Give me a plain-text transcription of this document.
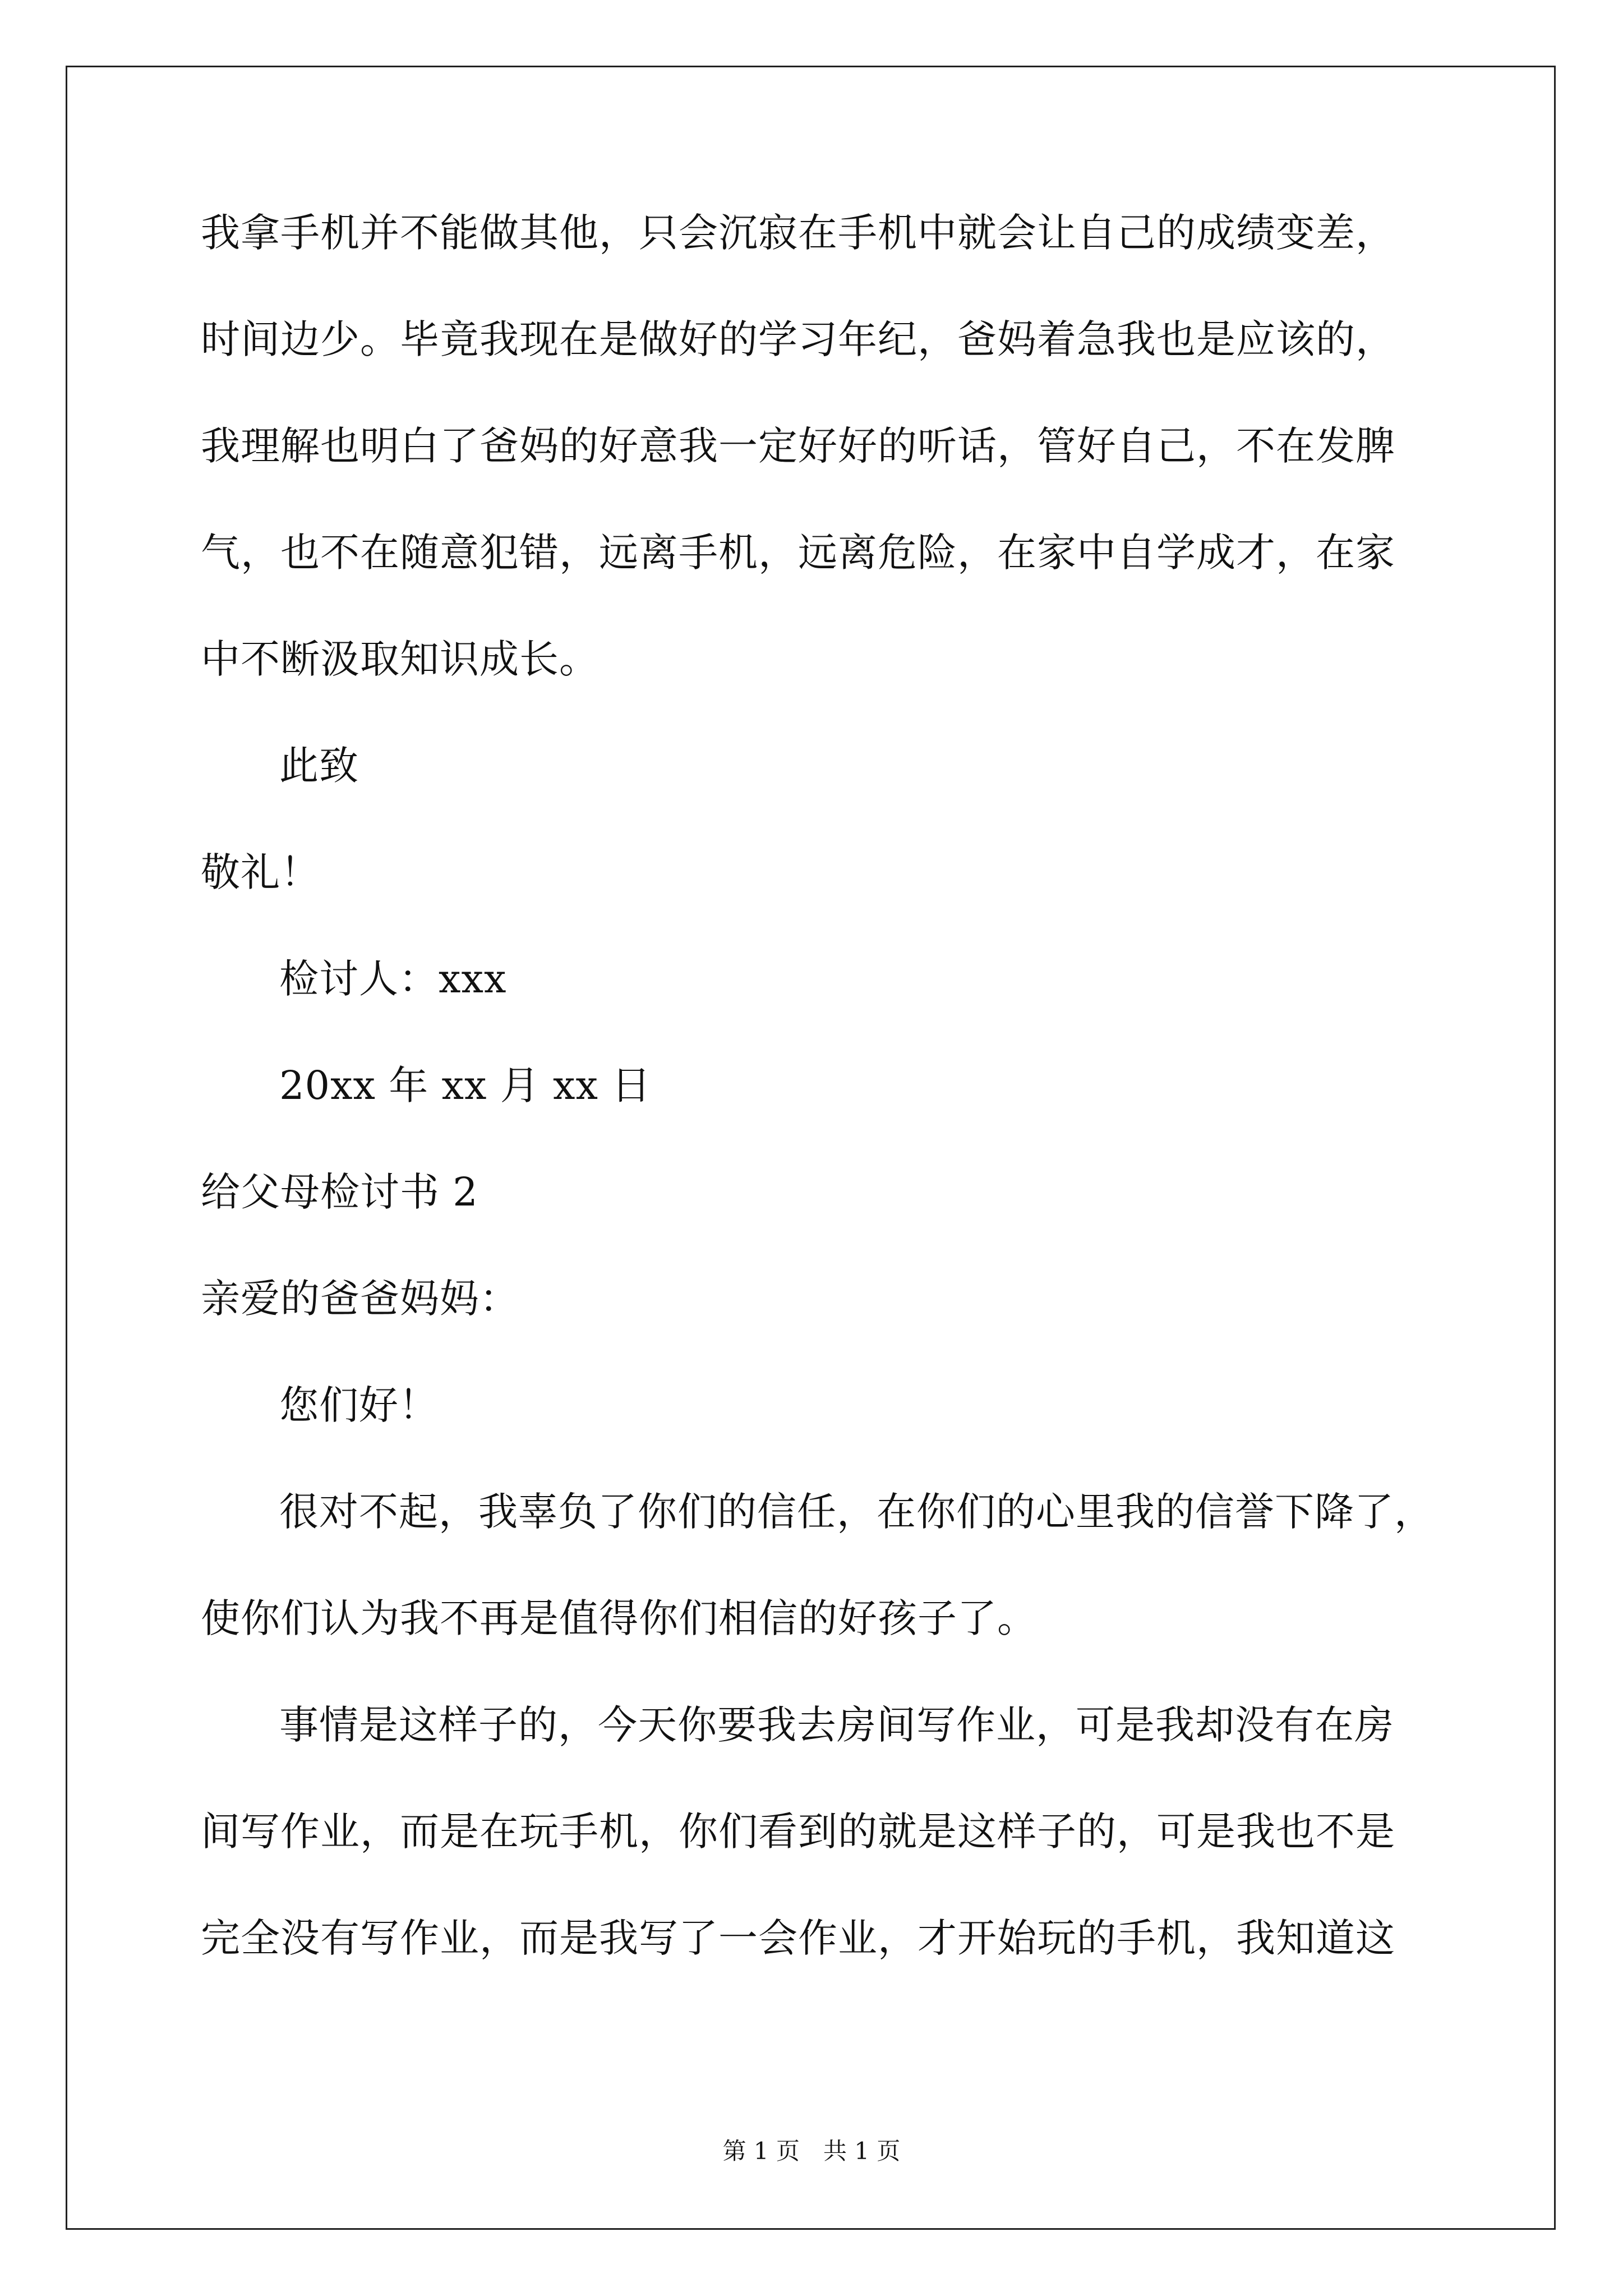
我拿手机并不能做其他，只会沉寂在手机中就会让自己的成绩变差，
时间边少。毕竟我现在是做好的学习年纪，爸妈着急我也是应该的，
我理解也明白了爸妈的好意我一定好好的听话，管好自己，不在发脾
气，也不在随意犯错，远离手机，远离危险，在家中自学成才，在家
中不断汲取知识成长。
此致
敬礼！
检讨人：xxx
20xx 年 xx 月 xx 日
给父母检讨书 2
亲爱的爸爸妈妈：
您们好！
很对不起，我辜负了你们的信任，在你们的心里我的信誉下降了，
使你们认为我不再是值得你们相信的好孩子了。
事情是这样子的，今天你要我去房间写作业，可是我却没有在房
间写作业，而是在玩手机，你们看到的就是这样子的，可是我也不是
完全没有写作业，而是我写了一会作业，才开始玩的手机，我知道这
第 1 页　共 1 页
